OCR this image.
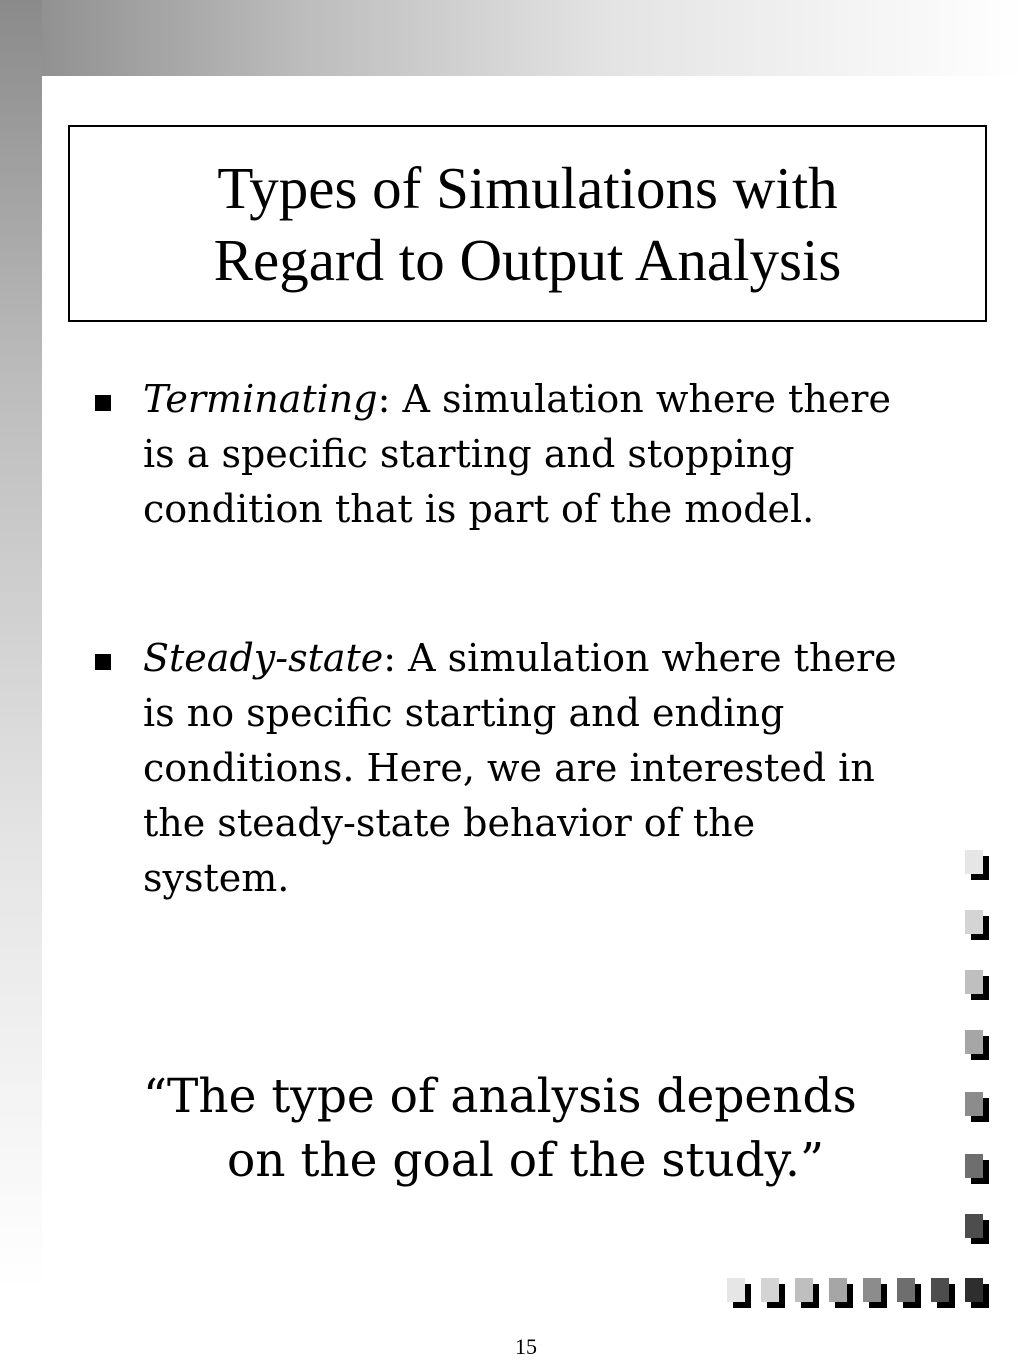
Types of Simulations with
Regard to Output Analysis
Terminating: A simulation where there is a specific starting and stopping condition that is part of the model.
Steady-state: A simulation where there is no specific starting and ending conditions. Here, we are interested in the steady-state behavior of the system.
“The type of analysis depends
on the goal of the study.”
15
